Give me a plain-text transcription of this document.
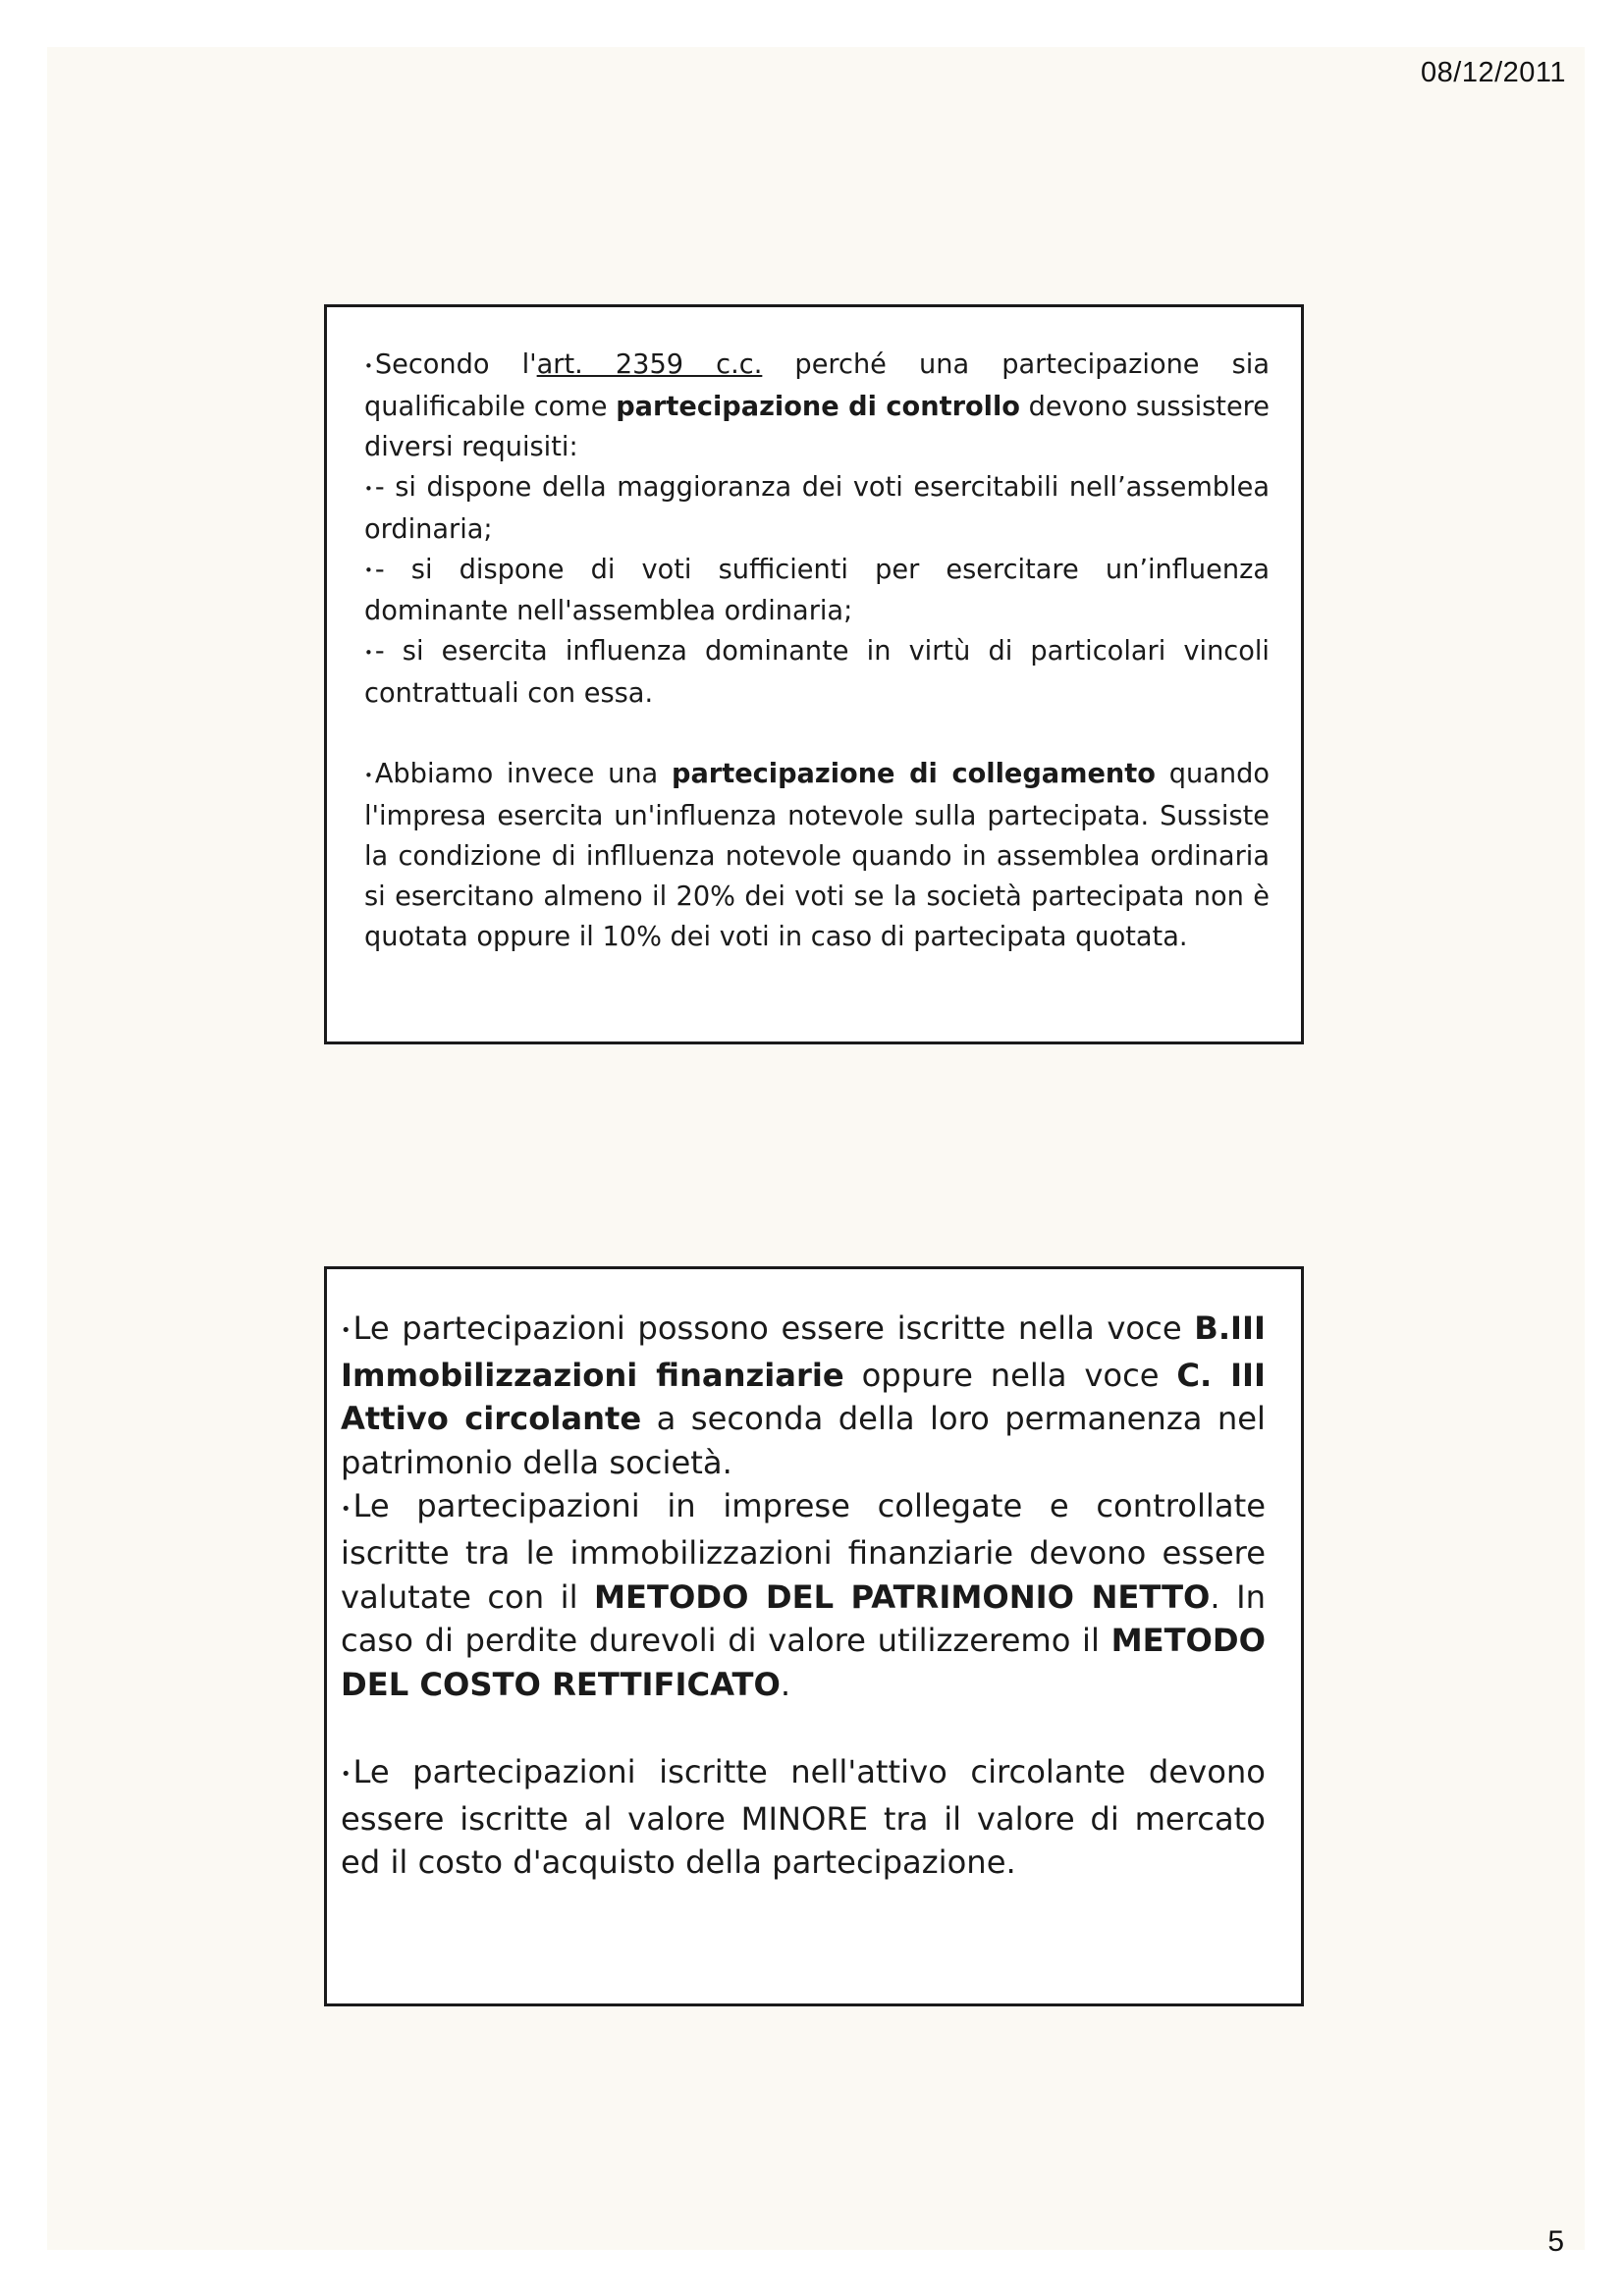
08/12/2011

•Secondo l'art. 2359 c.c. perché una partecipazione sia qualificabile come partecipazione di controllo devono sussistere diversi requisiti:

•- si dispone della maggioranza dei voti esercitabili nell’assemblea ordinaria;

•- si dispone di voti sufficienti per esercitare un’influenza dominante nell'assemblea ordinaria;

•- si esercita influenza dominante in virtù di particolari vincoli contrattuali con essa.

•Abbiamo invece una partecipazione di collegamento quando l'impresa esercita un'influenza notevole sulla partecipata. Sussiste la condizione di inflluenza notevole quando in assemblea ordinaria si esercitano almeno il 20% dei voti se la società partecipata non è quotata oppure il 10% dei voti in caso di partecipata quotata.

•Le partecipazioni possono essere iscritte nella voce B.III Immobilizzazioni finanziarie oppure nella voce C. III Attivo circolante a seconda della loro permanenza nel patrimonio della società.

•Le partecipazioni in imprese collegate e controllate iscritte tra le immobilizzazioni finanziarie devono essere valutate con il METODO DEL PATRIMONIO NETTO. In caso di perdite durevoli di valore utilizzeremo il METODO DEL COSTO RETTIFICATO.

•Le partecipazioni iscritte nell'attivo circolante devono essere iscritte al valore MINORE tra il valore di mercato ed il costo d'acquisto della partecipazione.

5
